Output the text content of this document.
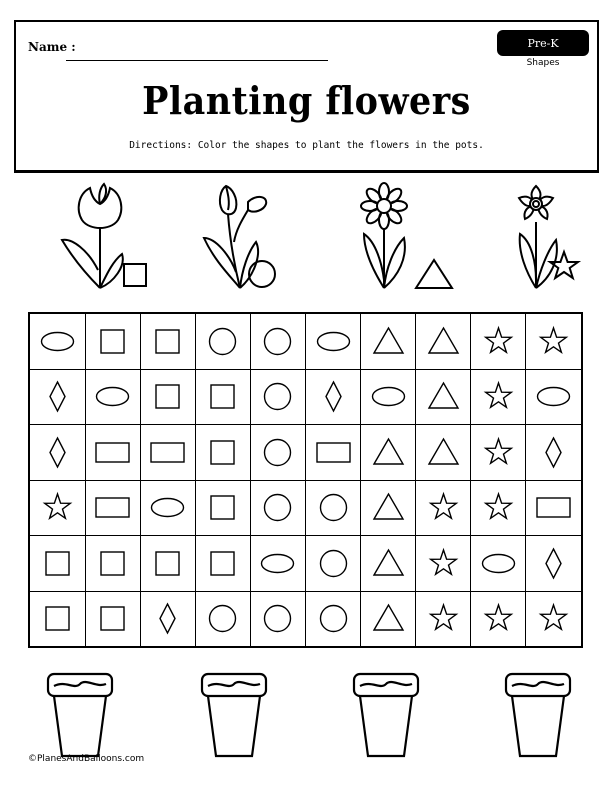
Name :	Pre-K
Shapes
Planting flowers
Directions: Color the shapes to plant the flowers in the pots.
©PlanesAndBalloons.com
